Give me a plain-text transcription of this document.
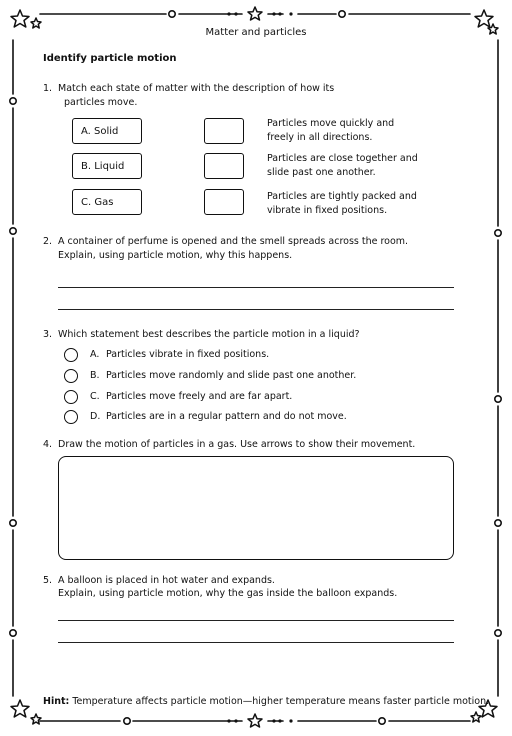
Matter and particles
Identify particle motion
1. Match each state of matter with the description of how its
particles move.
A. Solid
B. Liquid
C. Gas
Particles move quickly and
freely in all directions.
Particles are close together and
slide past one another.
Particles are tightly packed and
vibrate in fixed positions.
2. A container of perfume is opened and the smell spreads across the room.
Explain, using particle motion, why this happens.
3. Which statement best describes the particle motion in a liquid?
A. Particles vibrate in fixed positions.
B. Particles move randomly and slide past one another.
C. Particles move freely and are far apart.
D. Particles are in a regular pattern and do not move.
4. Draw the motion of particles in a gas. Use arrows to show their movement.
5. A balloon is placed in hot water and expands.
Explain, using particle motion, why the gas inside the balloon expands.
Hint: Temperature affects particle motion—higher temperature means faster particle motion.
